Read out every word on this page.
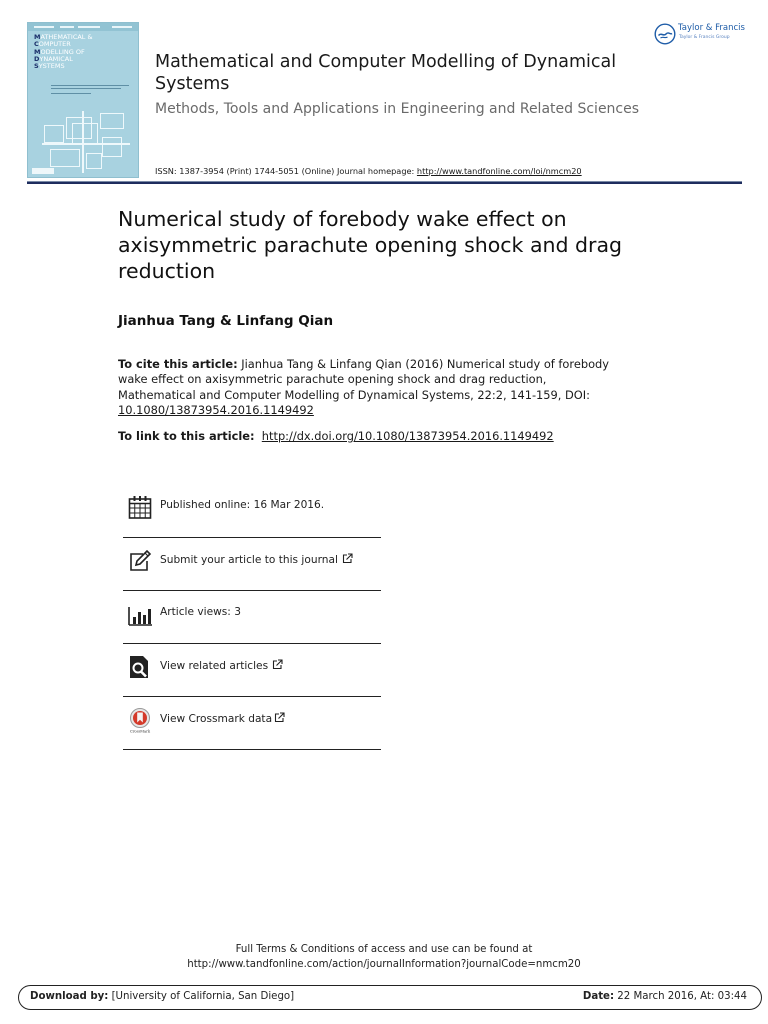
MATHEMATICAL &
COMPUTER
MODELLING OF
DYNAMICAL
SYSTEMS	Mathematical and Computer Modelling of Dynamical Systems
Methods, Tools and Applications in Engineering and Related Sciences
Taylor & Francis
Taylor & Francis Group
ISSN: 1387-3954 (Print) 1744-5051 (Online) Journal homepage: http://www.tandfonline.com/loi/nmcm20
Numerical study of forebody wake effect on axisymmetric parachute opening shock and drag reduction
Jianhua Tang & Linfang Qian
To cite this article: Jianhua Tang & Linfang Qian (2016) Numerical study of forebody wake effect on axisymmetric parachute opening shock and drag reduction, Mathematical and Computer Modelling of Dynamical Systems, 22:2, 141-159, DOI: 10.1080/13873954.2016.1149492
To link to this article: http://dx.doi.org/10.1080/13873954.2016.1149492
Published online: 16 Mar 2016.
Submit your article to this journal
Article views: 3
View related articles
CrossMark
View Crossmark data
Full Terms & Conditions of access and use can be found at
http://www.tandfonline.com/action/journalInformation?journalCode=nmcm20
Download by: [University of California, San Diego]	Date: 22 March 2016, At: 03:44
